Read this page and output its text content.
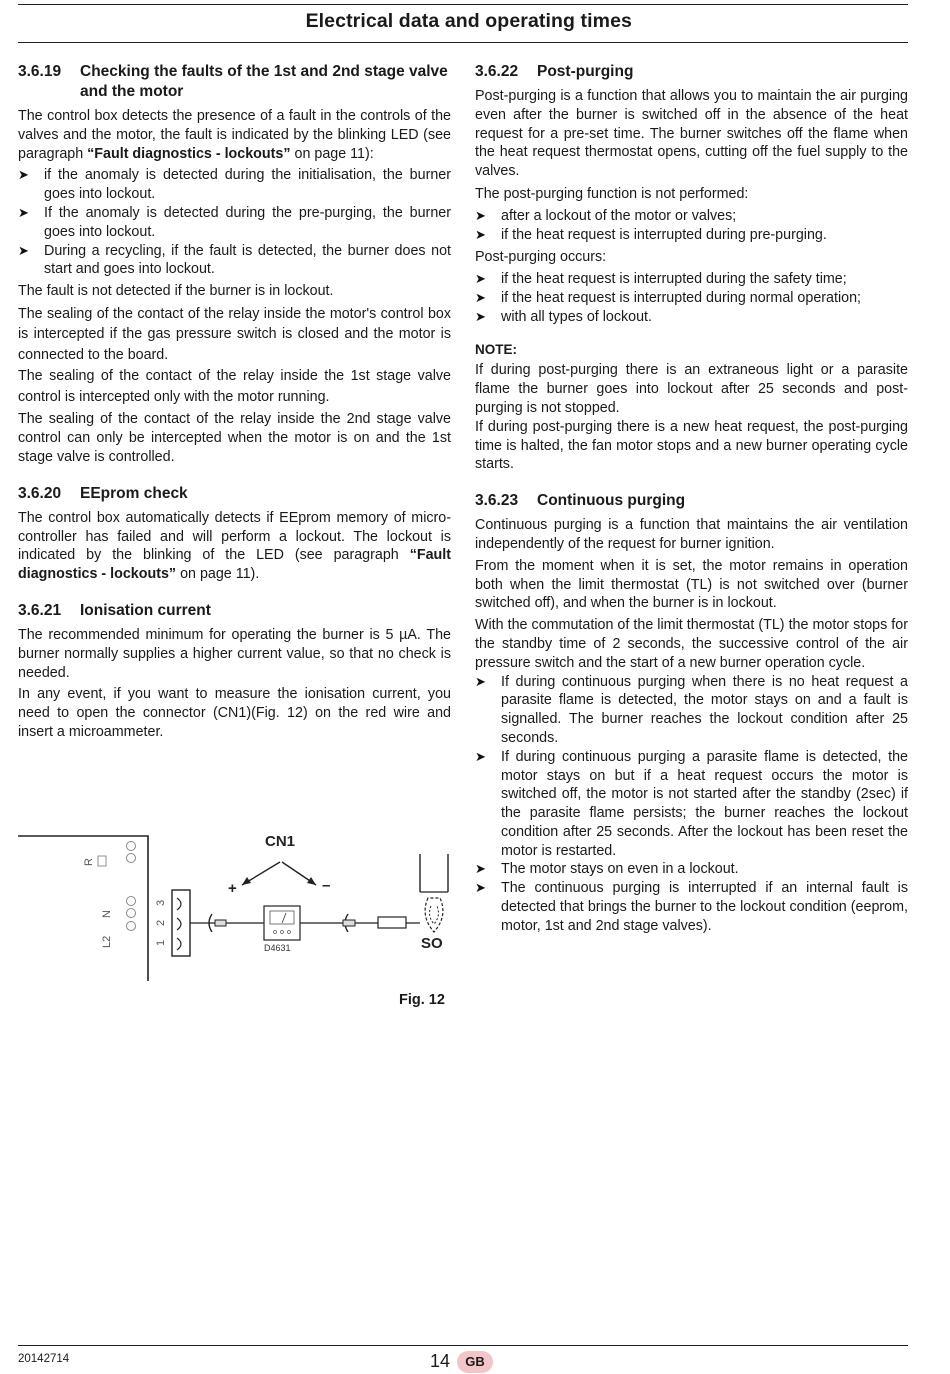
Electrical data and operating times
3.6.19	Checking the faults of the 1st and 2nd stage valve and the motor
The control box detects the presence of a fault in the controls of the valves and the motor, the fault is indicated by the blinking LED (see paragraph “Fault diagnostics - lockouts” on page 11):
➤	if the anomaly is detected during the initialisation, the burner goes into lockout.
➤	If the anomaly is detected during the pre-purging, the burner goes into lockout.
➤	During a recycling, if the fault is detected, the burner does not start and goes into lockout.
The fault is not detected if the burner is in lockout.
The sealing of the contact of the relay inside the motor's control box is intercepted if the gas pressure switch is closed and the motor is connected to the board.
The sealing of the contact of the relay inside the 1st stage valve control is intercepted only with the motor running.
The sealing of the contact of the relay inside the 2nd stage valve control can only be intercepted when the motor is on and the 1st stage valve is controlled.
3.6.20	EEprom check
The control box automatically detects if EEprom memory of micro-controller has failed and will perform a lockout. The lockout is indicated by the blinking of the LED (see paragraph “Fault diagnostics - lockouts” on page 11).
3.6.21	Ionisation current
The recommended minimum for operating the burner is 5 µA. The burner normally supplies a higher current value, so that no check is needed.
In any event, if you want to measure the ionisation current, you need to open the connector (CN1)(Fig. 12) on the red wire and insert a microammeter.
R
N
L2	1
2
3
D4631	SO
CN1
+	–
Fig. 12
3.6.22	Post-purging
Post-purging is a function that allows you to maintain the air purging even after the burner is switched off in the absence of the heat request for a pre-set time. The burner switches off the flame when the heat request thermostat opens, cutting off the fuel supply to the valves.
The post-purging function is not performed:
➤	after a lockout of the motor or valves;
➤	if the heat request is interrupted during pre-purging.
Post-purging occurs:
➤	if the heat request is interrupted during the safety time;
➤	if the heat request is interrupted during normal operation;
➤	with all types of lockout.
NOTE:
If during post-purging there is an extraneous light or a parasite flame the burner goes into lockout after 25 seconds and post-purging is not stopped.
If during post-purging there is a new heat request, the post-purging time is halted, the fan motor stops and a new burner operating cycle starts.
3.6.23	Continuous purging
Continuous purging is a function that maintains the air ventilation independently of the request for burner ignition.
From the moment when it is set, the motor remains in operation both when the limit thermostat (TL) is not switched over (burner switched off), and when the burner is in lockout.
With the commutation of the limit thermostat (TL) the motor stops for the standby time of 2 seconds, the successive control of the air pressure switch and the start of a new burner operation cycle.
➤	If during continuous purging when there is no heat request a parasite flame is detected, the motor stays on and a fault is signalled. The burner reaches the lockout condition after 25 seconds.
➤	If during continuous purging a parasite flame is detected, the motor stays on but if a heat request occurs the motor is switched off, the motor is not started after the standby (2sec) if the parasite flame persists; the burner reaches the lockout condition after 25 seconds. After the lockout has been reset the motor is restarted.
➤	The motor stays on even in a lockout.
➤	The continuous purging is interrupted if an internal fault is detected that brings the burner to the lockout condition (eeprom, motor, 1st and 2nd stage valves).
20142714	14	GB
